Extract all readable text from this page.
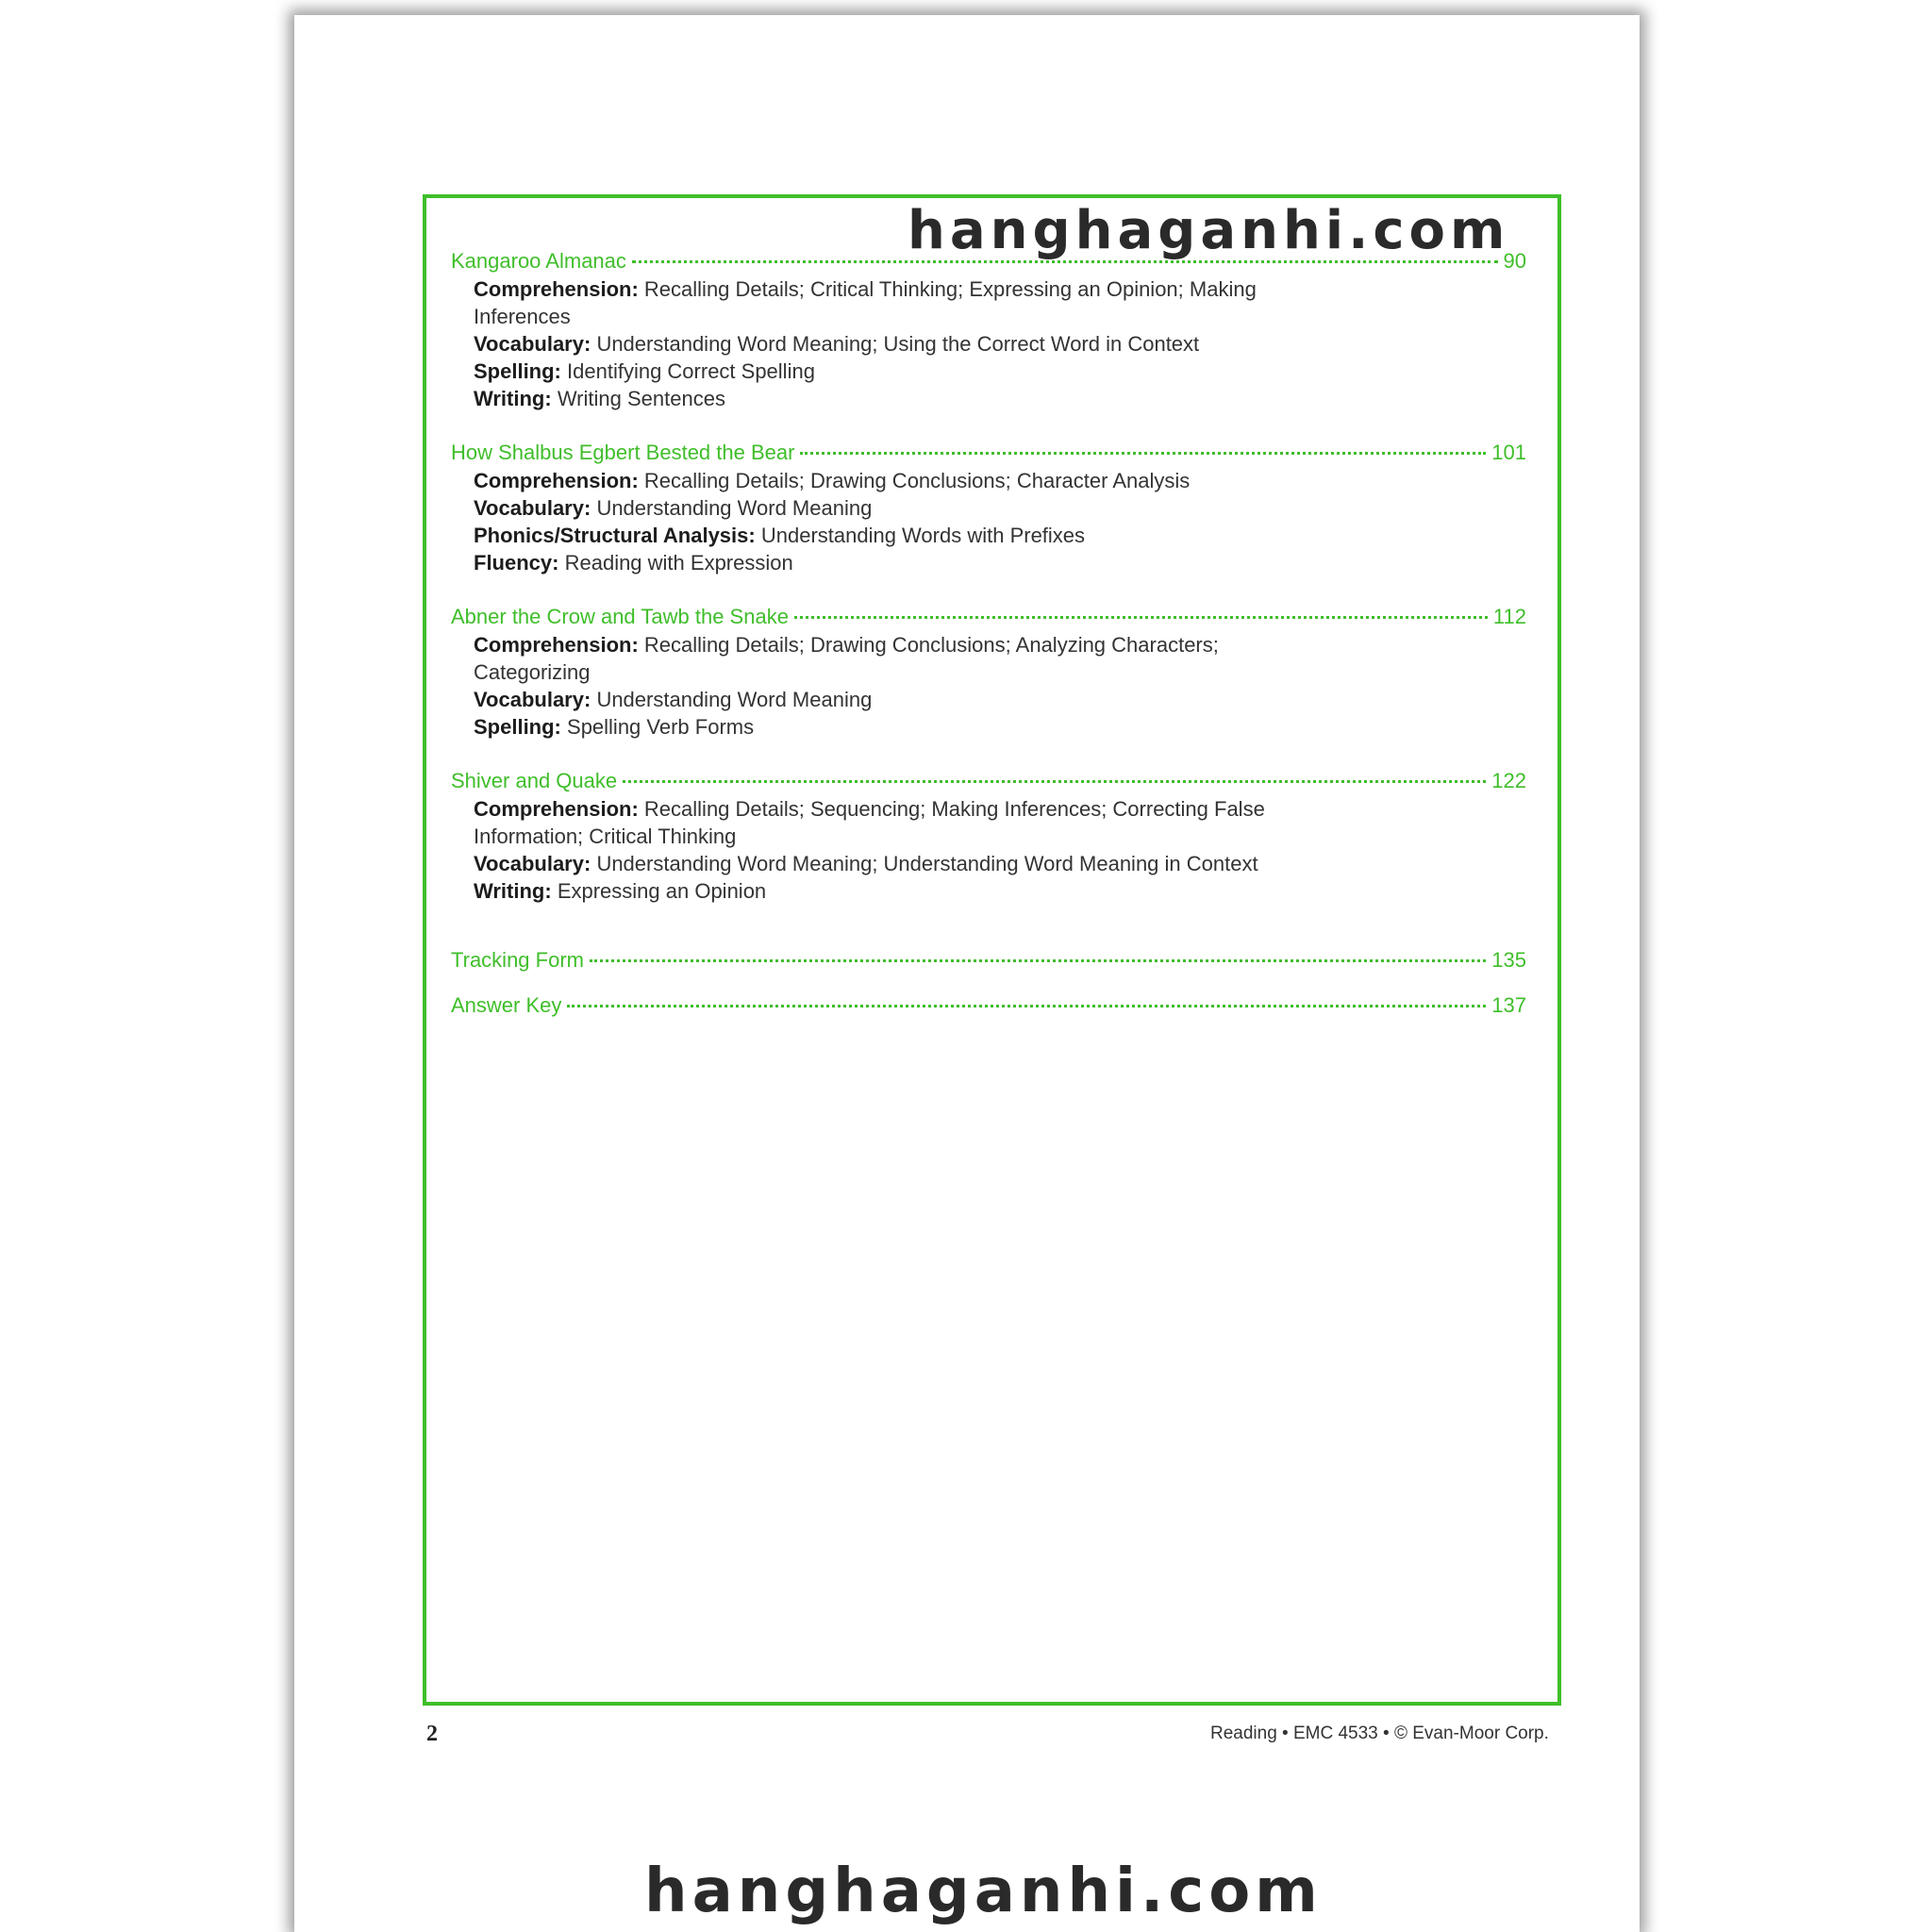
hanghaganhi.com
Kangaroo Almanac	90
Comprehension: Recalling Details; Critical Thinking; Expressing an Opinion; Making
Inferences
Vocabulary: Understanding Word Meaning; Using the Correct Word in Context
Spelling: Identifying Correct Spelling
Writing: Writing Sentences
How Shalbus Egbert Bested the Bear	101
Comprehension: Recalling Details; Drawing Conclusions; Character Analysis
Vocabulary: Understanding Word Meaning
Phonics/Structural Analysis: Understanding Words with Prefixes
Fluency: Reading with Expression
Abner the Crow and Tawb the Snake	112
Comprehension: Recalling Details; Drawing Conclusions; Analyzing Characters;
Categorizing
Vocabulary: Understanding Word Meaning
Spelling: Spelling Verb Forms
Shiver and Quake	122
Comprehension: Recalling Details; Sequencing; Making Inferences; Correcting False
Information; Critical Thinking
Vocabulary: Understanding Word Meaning; Understanding Word Meaning in Context
Writing: Expressing an Opinion
Tracking Form	135
Answer Key	137
2	Reading • EMC 4533 • © Evan-Moor Corp.
hanghaganhi.com
